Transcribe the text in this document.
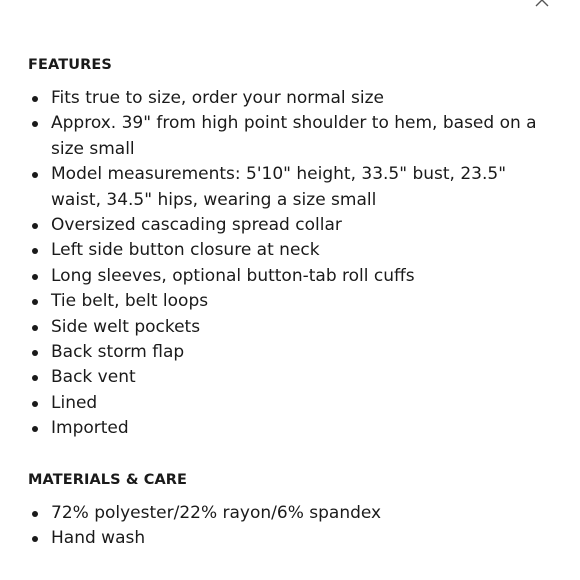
FEATURES
Fits true to size, order your normal size
Approx. 39" from high point shoulder to hem, based on a size small
Model measurements: 5'10" height, 33.5" bust, 23.5" waist, 34.5" hips, wearing a size small
Oversized cascading spread collar
Left side button closure at neck
Long sleeves, optional button-tab roll cuffs
Tie belt, belt loops
Side welt pockets
Back storm flap
Back vent
Lined
Imported
MATERIALS & CARE
72% polyester/22% rayon/6% spandex
Hand wash
